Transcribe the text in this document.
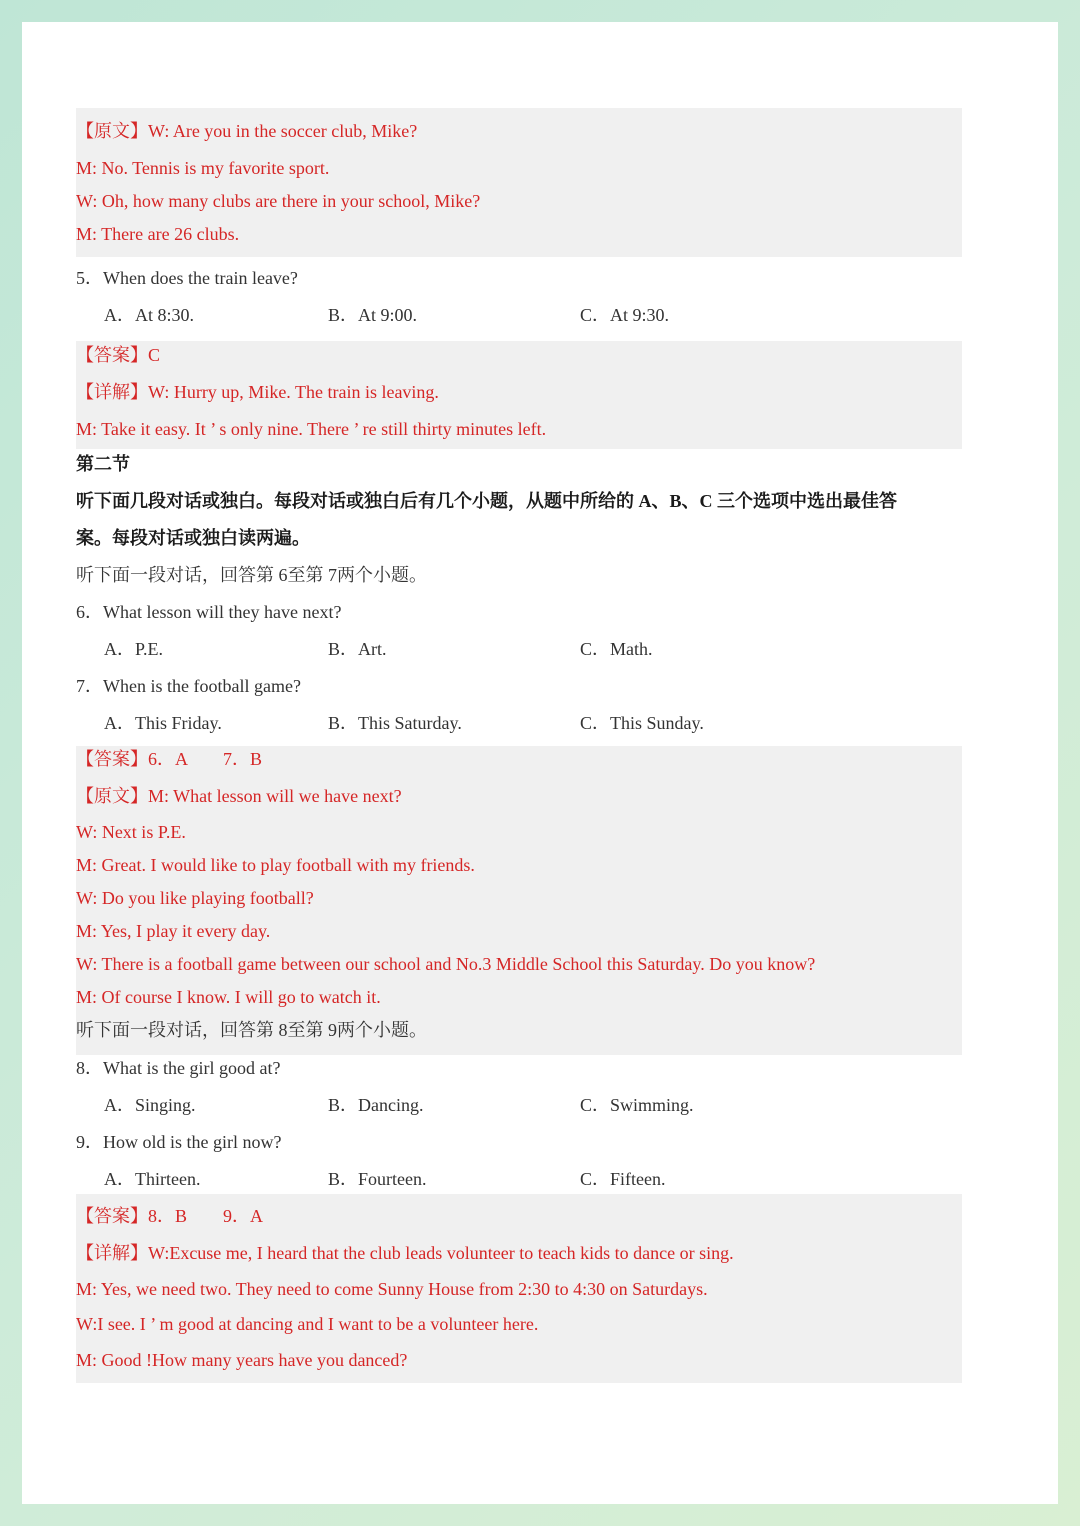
【原文】W: Are you in the soccer club, Mike?
M: No. Tennis is my favorite sport.
W: Oh, how many clubs are there in your school, Mike?
M: There are 26 clubs.
5．When does the train leave?
A．At 8:30.	B．At 9:00.	C．At 9:30.
【答案】C
【详解】W: Hurry up, Mike. The train is leaving.
M: Take it easy. It ’ s only nine. There ’ re still thirty minutes left.
第二节
听下面几段对话或独白。每段对话或独白后有几个小题，从题中所给的 A、B、C 三个选项中选出最佳答
案。每段对话或独白读两遍。
听下面一段对话，回答第 6至第 7两个小题。
6．What lesson will they have next?
A．P.E.	B．Art.	C．Math.
7．When is the football game?
A．This Friday.	B．This Saturday.	C．This Sunday.
【答案】6．A　　7．B
【原文】M: What lesson will we have next?
W: Next is P.E.
M: Great. I would like to play football with my friends.
W: Do you like playing football?
M: Yes, I play it every day.
W: There is a football game between our school and No.3 Middle School this Saturday. Do you know?
M: Of course I know. I will go to watch it.
听下面一段对话，回答第 8至第 9两个小题。
8．What is the girl good at?
A．Singing.	B．Dancing.	C．Swimming.
9．How old is the girl now?
A．Thirteen.	B．Fourteen.	C．Fifteen.
【答案】8．B　　9．A
【详解】W:Excuse me, I heard that the club leads volunteer to teach kids to dance or sing.
M: Yes, we need two. They need to come Sunny House from 2:30 to 4:30 on Saturdays.
W:I see. I ’ m good at dancing and I want to be a volunteer here.
M: Good !How many years have you danced?
